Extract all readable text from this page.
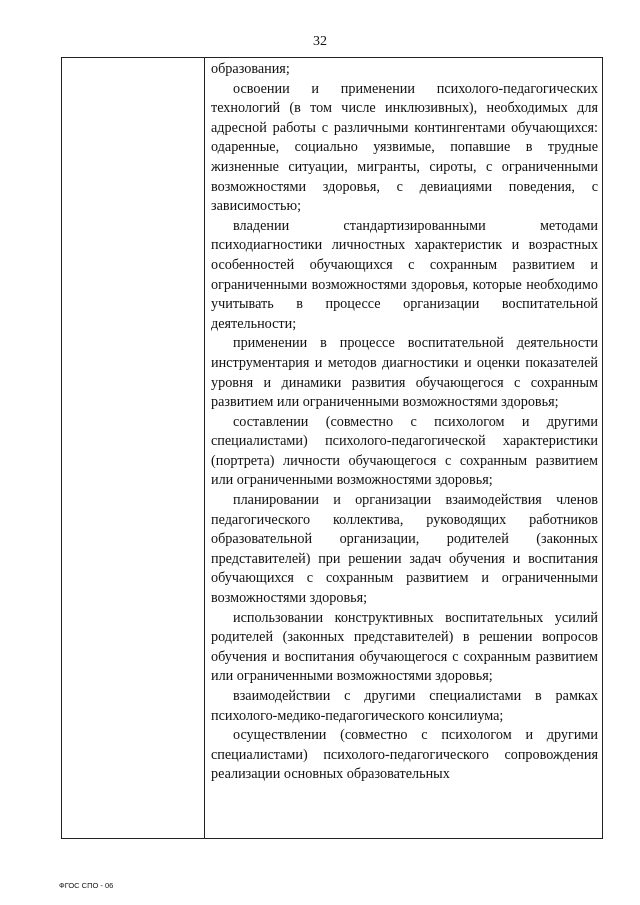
32

образования;

освоении и применении психолого-педагогических технологий (в том числе инклюзивных), необходимых для адресной работы с различными контингентами обучающихся: одаренные, социально уязвимые, попавшие в трудные жизненные ситуации, мигранты, сироты, с ограниченными возможностями здоровья, с девиациями поведения, с зависимостью;

владении стандартизированными методами психодиагностики личностных характеристик и возрастных особенностей обучающихся с сохранным развитием и ограниченными возможностями здоровья, которые необходимо учитывать в процессе организации воспитательной деятельности;

применении в процессе воспитательной деятельности инструментария и методов диагностики и оценки показателей уровня и динамики развития обучающегося с сохранным развитием или ограниченными возможностями здоровья;

составлении (совместно с психологом и другими специалистами) психолого-педагогической характеристики (портрета) личности обучающегося с сохранным развитием или ограниченными возможностями здоровья;

планировании и организации взаимодействия членов педагогического коллектива, руководящих работников образовательной организации, родителей (законных представителей) при решении задач обучения и воспитания обучающихся с сохранным развитием и ограниченными возможностями здоровья;

использовании конструктивных воспитательных усилий родителей (законных представителей) в решении вопросов обучения и воспитания обучающегося с сохранным развитием или ограниченными возможностями здоровья;

взаимодействии с другими специалистами в рамках психолого-медико-педагогического консилиума;

осуществлении (совместно с психологом и другими специалистами) психолого-педагогического сопровождения реализации основных образовательных

ФГОС СПО - 06
